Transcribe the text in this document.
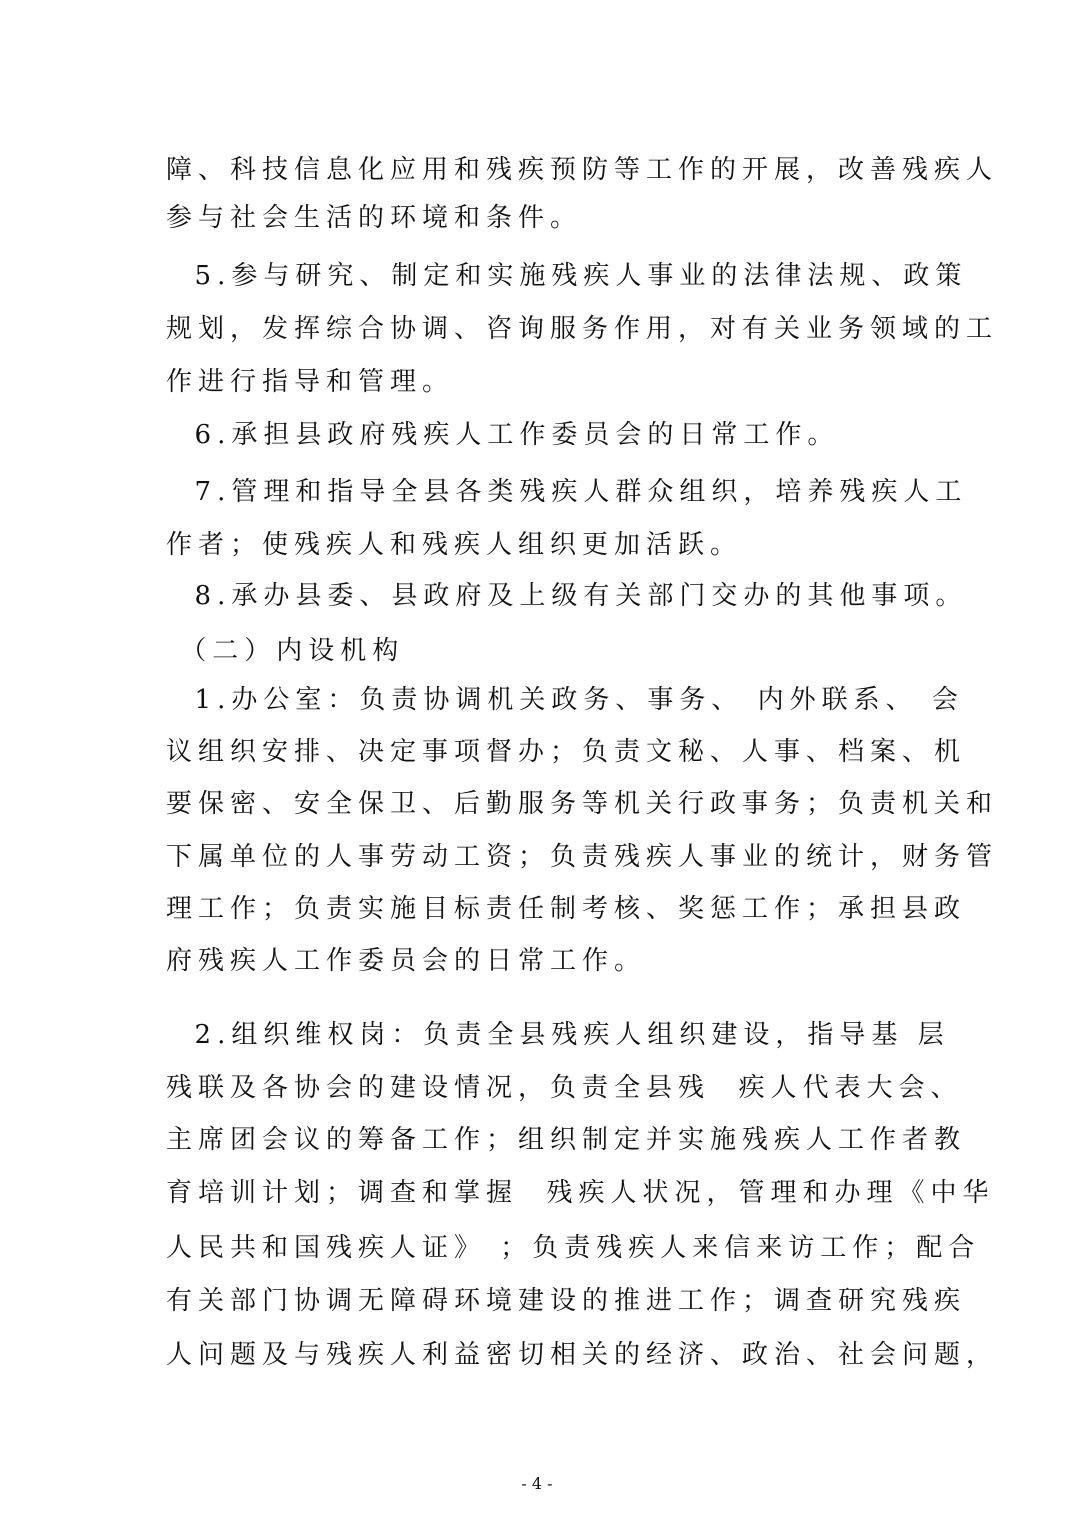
障、科技信息化应用和残疾预防等工作的开展，改善残疾人
参与社会生活的环境和条件。
5.参与研究、制定和实施残疾人事业的法律法规、政策
规划，发挥综合协调、咨询服务作用，对有关业务领域的工
作进行指导和管理。
6.承担县政府残疾人工作委员会的日常工作。
7.管理和指导全县各类残疾人群众组织，培养残疾人工
作者；使残疾人和残疾人组织更加活跃。
8.承办县委、县政府及上级有关部门交办的其他事项。
（二）内设机构
1.办公室：负责协调机关政务、事务、 内外联系、 会
议组织安排、决定事项督办；负责文秘、人事、档案、机
要保密、安全保卫、后勤服务等机关行政事务；负责机关和
下属单位的人事劳动工资；负责残疾人事业的统计，财务管
理工作；负责实施目标责任制考核、奖惩工作；承担县政
府残疾人工作委员会的日常工作。
2.组织维权岗：负责全县残疾人组织建设，指导基 层
残联及各协会的建设情况，负责全县残  疾人代表大会、
主席团会议的筹备工作；组织制定并实施残疾人工作者教
育培训计划；调查和掌握  残疾人状况，管理和办理《中华
人民共和国残疾人证》 ；负责残疾人来信来访工作；配合
有关部门协调无障碍环境建设的推进工作；调查研究残疾
人问题及与残疾人利益密切相关的经济、政治、社会问题，
- 4 -
